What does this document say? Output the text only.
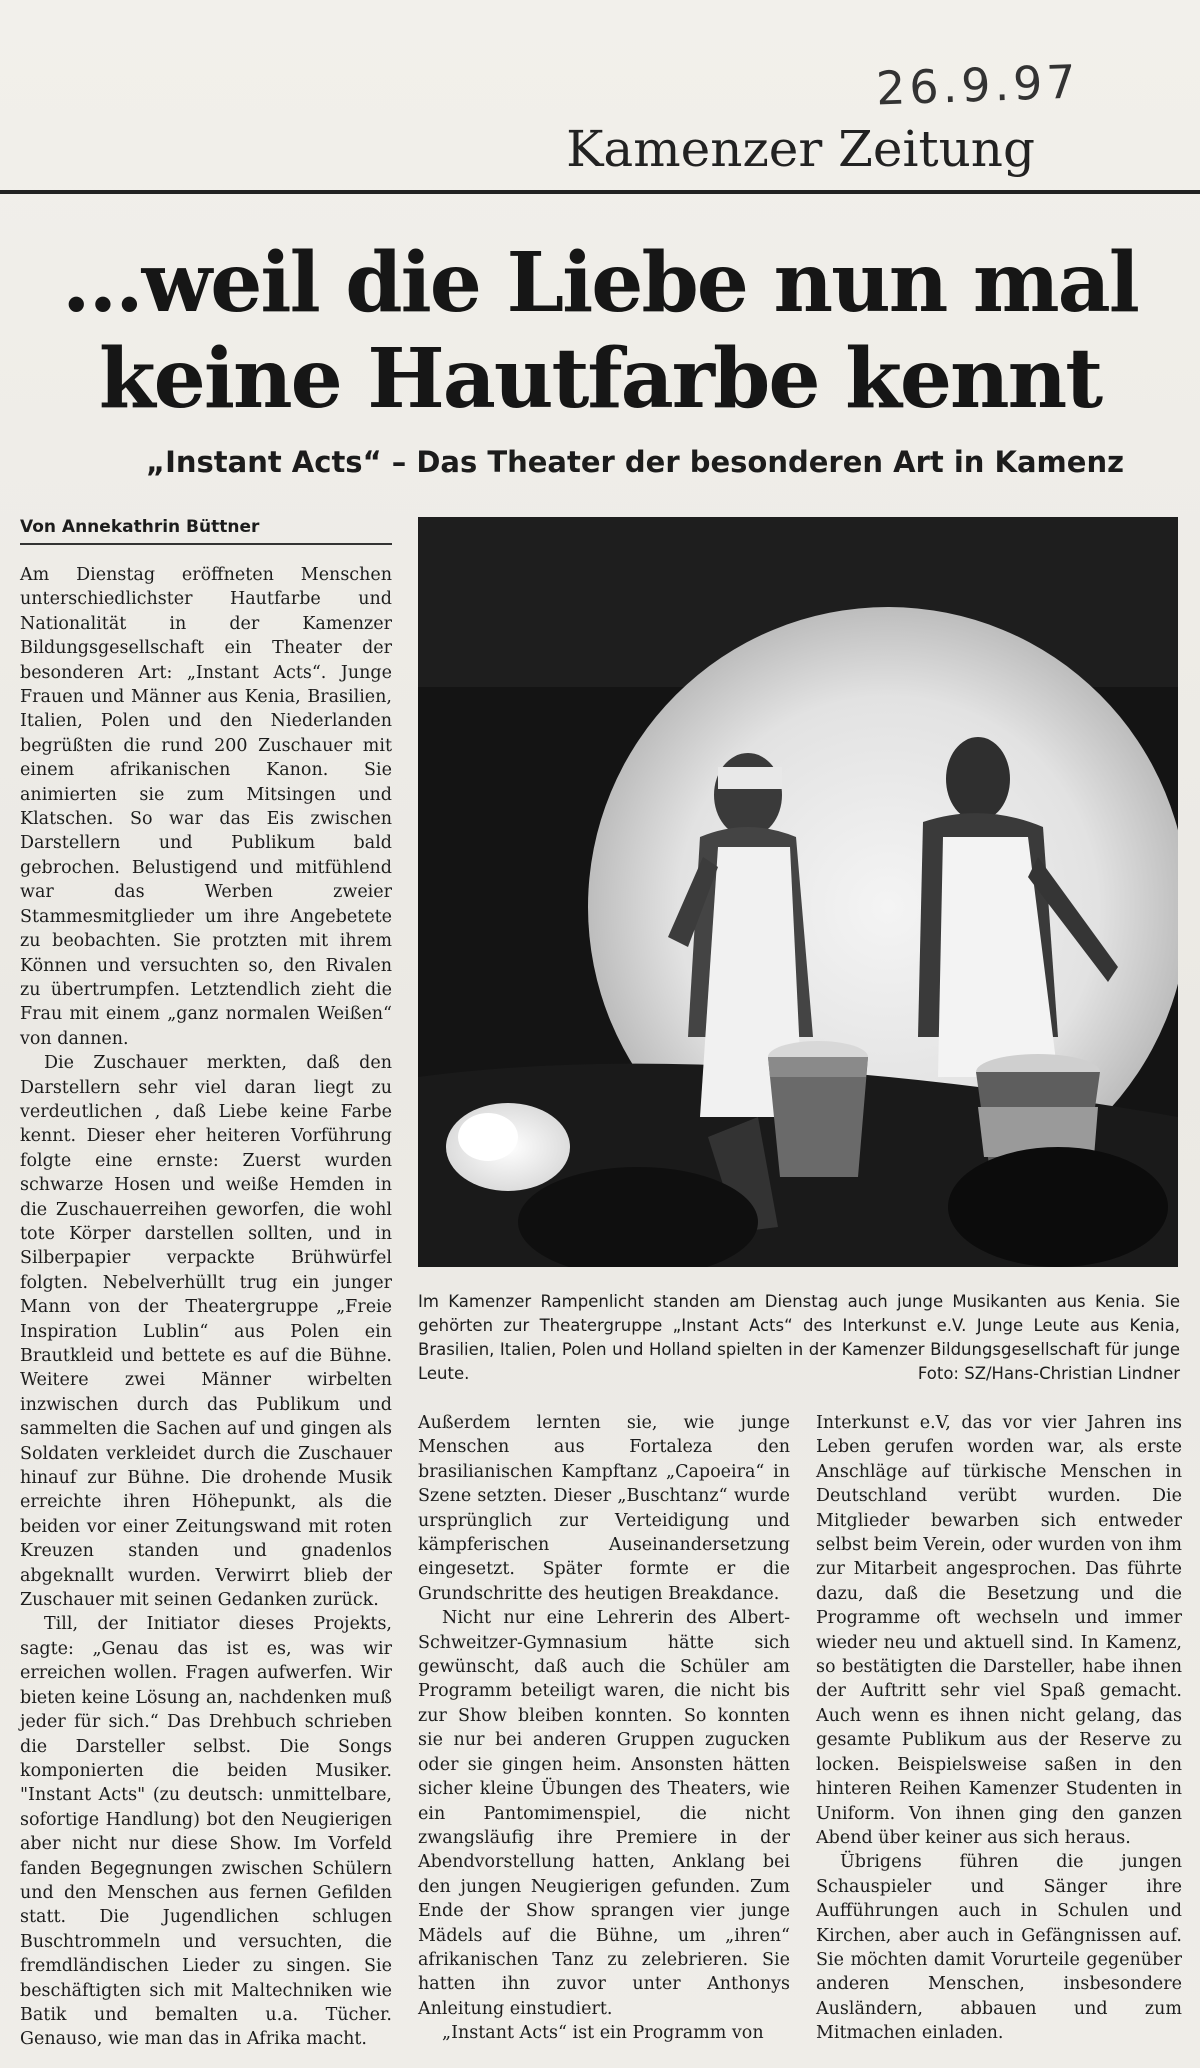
26.9.97
Kamenzer Zeitung
...weil die Liebe nun mal
keine Hautfarbe kennt
„Instant Acts“ – Das Theater der besonderen Art in Kamenz
Von Annekathrin Büttner

Am Dienstag eröffneten Menschen unterschiedlichster Hautfarbe und Nationalität in der Kamenzer Bildungsgesellschaft ein Theater der besonderen Art: „Instant Acts“. Junge Frauen und Männer aus Kenia, Brasilien, Italien, Polen und den Niederlanden begrüßten die rund 200 Zuschauer mit einem afrikanischen Kanon. Sie animierten sie zum Mitsingen und Klatschen. So war das Eis zwischen Darstellern und Publikum bald gebrochen. Belustigend und mitfühlend war das Werben zweier Stammesmitglieder um ihre Angebetete zu beobachten. Sie protzten mit ihrem Können und versuchten so, den Rivalen zu übertrumpfen. Letztendlich zieht die Frau mit einem „ganz normalen Weißen“ von dannen.

Die Zuschauer merkten, daß den Darstellern sehr viel daran liegt zu verdeutlichen , daß Liebe keine Farbe kennt. Dieser eher heiteren Vorführung folgte eine ernste: Zuerst wurden schwarze Hosen und weiße Hemden in die Zuschauerreihen geworfen, die wohl tote Körper darstellen sollten, und in Silberpapier verpackte Brühwürfel folgten. Nebelverhüllt trug ein junger Mann von der Theatergruppe „Freie Inspiration Lublin“ aus Polen ein Brautkleid und bettete es auf die Bühne. Weitere zwei Männer wirbelten inzwischen durch das Publikum und sammelten die Sachen auf und gingen als Soldaten verkleidet durch die Zuschauer hinauf zur Bühne. Die drohende Musik erreichte ihren Höhepunkt, als die beiden vor einer Zeitungswand mit roten Kreuzen standen und gnadenlos abgeknallt wurden. Verwirrt blieb der Zuschauer mit seinen Gedanken zurück.

Till, der Initiator dieses Projekts, sagte: „Genau das ist es, was wir erreichen wollen. Fragen aufwerfen. Wir bieten keine Lösung an, nachdenken muß jeder für sich.“ Das Drehbuch schrieben die Darsteller selbst. Die Songs komponierten die beiden Musiker. "Instant Acts" (zu deutsch: unmittelbare, sofortige Handlung) bot den Neugierigen aber nicht nur diese Show. Im Vorfeld fanden Begegnungen zwischen Schülern und den Menschen aus fernen Gefilden statt. Die Jugendlichen schlugen Buschtrommeln und versuchten, die fremdländischen Lieder zu singen. Sie beschäftigten sich mit Maltechniken wie Batik und bemalten u.a. Tücher. Genauso, wie man das in Afrika macht.

Im Kamenzer Rampenlicht standen am Dienstag auch junge Musikanten aus Kenia. Sie gehörten zur Theatergruppe „Instant Acts“ des Interkunst e.V. Junge Leute aus Kenia, Brasilien, Italien, Polen und Holland spielten in der Kamenzer Bildungsgesellschaft für junge Leute.	Foto: SZ/Hans-Christian Lindner

Außerdem lernten sie, wie junge Menschen aus Fortaleza den brasilianischen Kampftanz „Capoeira“ in Szene setzten. Dieser „Buschtanz“ wurde ursprünglich zur Verteidigung und kämpferischen Auseinandersetzung eingesetzt. Später formte er die Grundschritte des heutigen Breakdance.

Nicht nur eine Lehrerin des Albert-Schweitzer-Gymnasium hätte sich gewünscht, daß auch die Schüler am Programm beteiligt waren, die nicht bis zur Show bleiben konnten. So konnten sie nur bei anderen Gruppen zugucken oder sie gingen heim. Ansonsten hätten sicher kleine Übungen des Theaters, wie ein Pantomimenspiel, die nicht zwangsläufig ihre Premiere in der Abendvorstellung hatten, Anklang bei den jungen Neugierigen gefunden. Zum Ende der Show sprangen vier junge Mädels auf die Bühne, um „ihren“ afrikanischen Tanz zu zelebrieren. Sie hatten ihn zuvor unter Anthonys Anleitung einstudiert.

„Instant Acts“ ist ein Programm von

Interkunst e.V, das vor vier Jahren ins Leben gerufen worden war, als erste Anschläge auf türkische Menschen in Deutschland verübt wurden. Die Mitglieder bewarben sich entweder selbst beim Verein, oder wurden von ihm zur Mitarbeit angesprochen. Das führte dazu, daß die Besetzung und die Programme oft wechseln und immer wieder neu und aktuell sind. In Kamenz, so bestätigten die Darsteller, habe ihnen der Auftritt sehr viel Spaß gemacht. Auch wenn es ihnen nicht gelang, das gesamte Publikum aus der Reserve zu locken. Beispielsweise saßen in den hinteren Reihen Kamenzer Studenten in Uniform. Von ihnen ging den ganzen Abend über keiner aus sich heraus.

Übrigens führen die jungen Schauspieler und Sänger ihre Aufführungen auch in Schulen und Kirchen, aber auch in Gefängnissen auf. Sie möchten damit Vorurteile gegenüber anderen Menschen, insbesondere Ausländern, abbauen und zum Mitmachen einladen.
